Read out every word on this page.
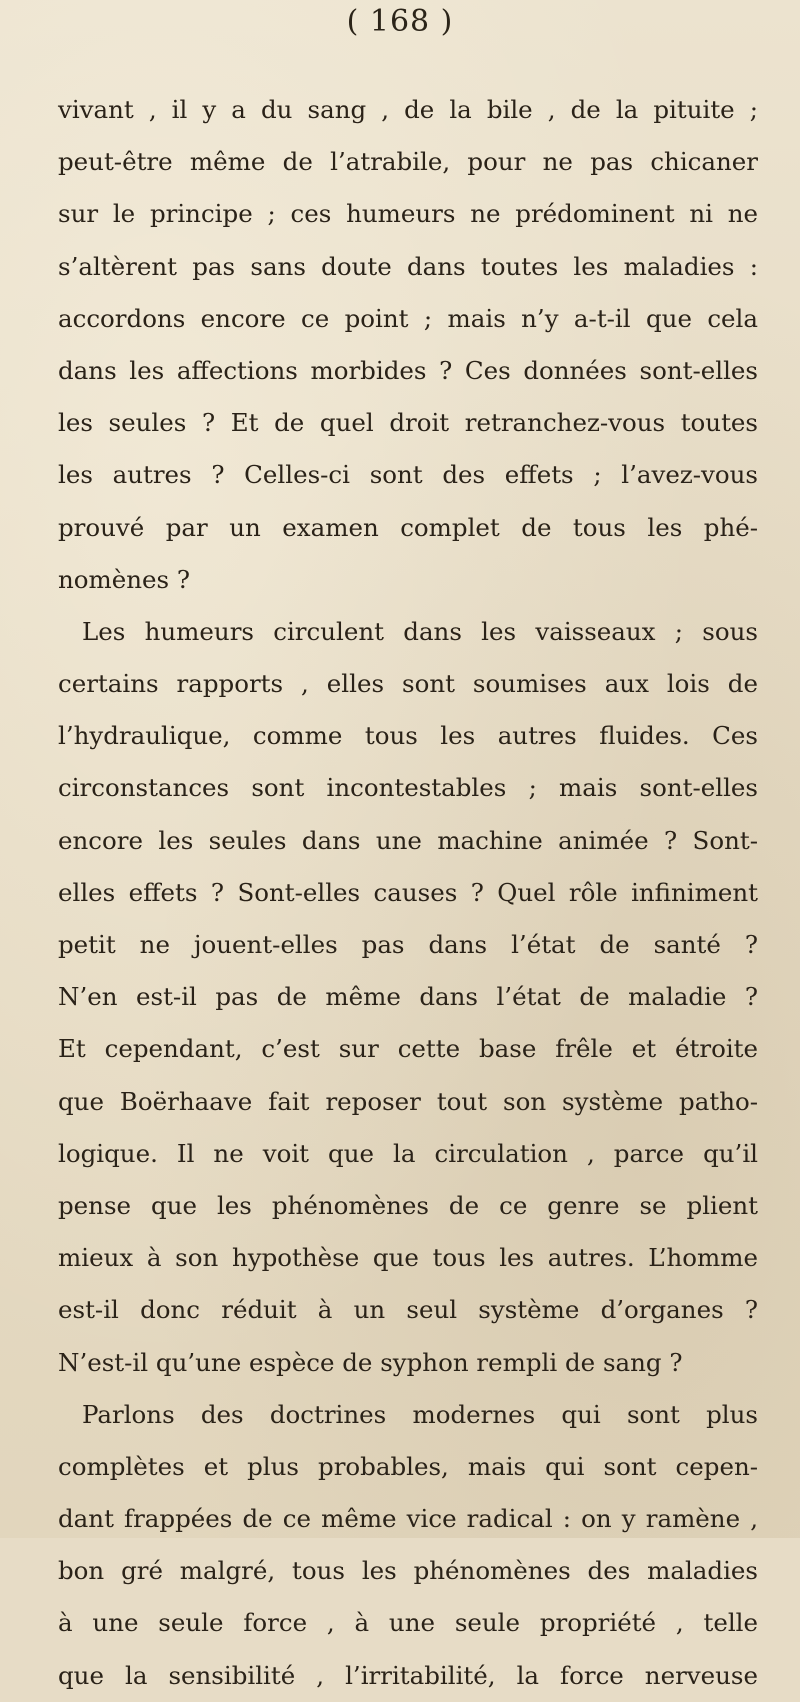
( 168 )
vivant , il y a du sang , de la bile , de la pituite ;
peut-être même de l’atrabile, pour ne pas chicaner
sur le principe ; ces humeurs ne prédominent ni ne
s’altèrent pas sans doute dans toutes les maladies :
accordons encore ce point ; mais n’y a-t-il que cela
dans les affections morbides ? Ces données sont-elles
les seules ? Et de quel droit retranchez-vous toutes
les autres ? Celles-ci sont des effets ; l’avez-vous
prouvé par un examen complet de tous les phé-
nomènes ?
Les humeurs circulent dans les vaisseaux ; sous
certains rapports , elles sont soumises aux lois de
l’hydraulique, comme tous les autres fluides. Ces
circonstances sont incontestables ; mais sont-elles
encore les seules dans une machine animée ? Sont-
elles effets ? Sont-elles causes ? Quel rôle infiniment
petit ne jouent-elles pas dans l’état de santé ?
N’en est-il pas de même dans l’état de maladie ?
Et cependant, c’est sur cette base frêle et étroite
que Boërhaave fait reposer tout son système patho-
logique. Il ne voit que la circulation , parce qu’il
pense que les phénomènes de ce genre se plient
mieux à son hypothèse que tous les autres. L’homme
est-il donc réduit à un seul système d’organes ?
N’est-il qu’une espèce de syphon rempli de sang ?
Parlons des doctrines modernes qui sont plus
complètes et plus probables, mais qui sont cepen-
dant frappées de ce même vice radical : on y ramène ,
bon gré malgré, tous les phénomènes des maladies
à une seule force , à une seule propriété , telle
que la sensibilité , l’irritabilité, la force nerveuse
